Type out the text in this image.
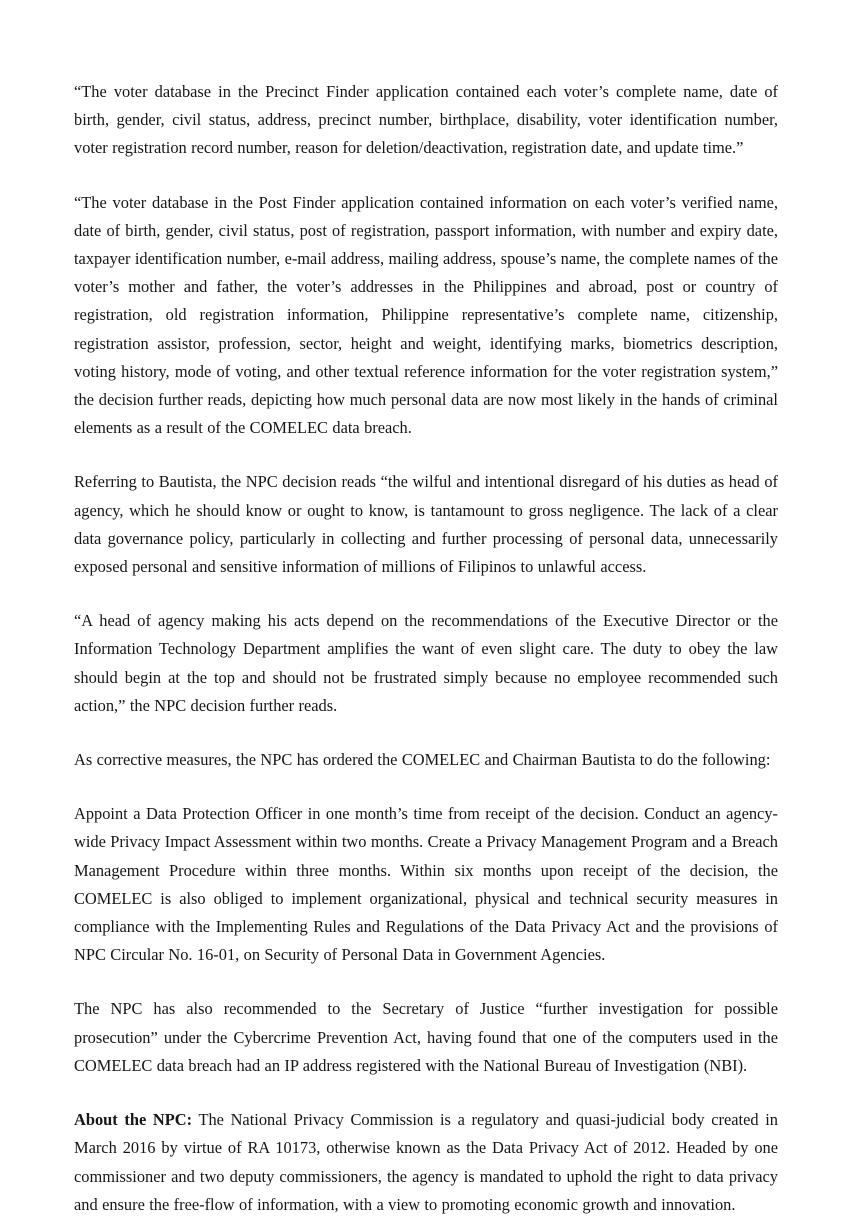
“The voter database in the Precinct Finder application contained each voter’s complete name, date of birth, gender, civil status, address, precinct number, birthplace, disability, voter identification number, voter registration record number, reason for deletion/deactivation, registration date, and update time.”

“The voter database in the Post Finder application contained information on each voter’s verified name, date of birth, gender, civil status, post of registration, passport information, with number and expiry date, taxpayer identification number, e-mail address, mailing address, spouse’s name, the complete names of the voter’s mother and father, the voter’s addresses in the Philippines and abroad, post or country of registration, old registration information, Philippine representative’s complete name, citizenship, registration assistor, profession, sector, height and weight, identifying marks, biometrics description, voting history, mode of voting, and other textual reference information for the voter registration system,” the decision further reads, depicting how much personal data are now most likely in the hands of criminal elements as a result of the COMELEC data breach.

Referring to Bautista, the NPC decision reads “the wilful and intentional disregard of his duties as head of agency, which he should know or ought to know, is tantamount to gross negligence. The lack of a clear data governance policy, particularly in collecting and further processing of personal data, unnecessarily exposed personal and sensitive information of millions of Filipinos to unlawful access.

“A head of agency making his acts depend on the recommendations of the Executive Director or the Information Technology Department amplifies the want of even slight care. The duty to obey the law should begin at the top and should not be frustrated simply because no employee recommended such action,” the NPC decision further reads.

As corrective measures, the NPC has ordered the COMELEC and Chairman Bautista to do the following:

Appoint a Data Protection Officer in one month’s time from receipt of the decision. Conduct an agency-wide Privacy Impact Assessment within two months. Create a Privacy Management Program and a Breach Management Procedure within three months. Within six months upon receipt of the decision, the COMELEC is also obliged to implement organizational, physical and technical security measures in compliance with the Implementing Rules and Regulations of the Data Privacy Act and the provisions of NPC Circular No. 16-01, on Security of Personal Data in Government Agencies.

The NPC has also recommended to the Secretary of Justice “further investigation for possible prosecution” under the Cybercrime Prevention Act, having found that one of the computers used in the COMELEC data breach had an IP address registered with the National Bureau of Investigation (NBI).

About the NPC: The National Privacy Commission is a regulatory and quasi-judicial body created in March 2016 by virtue of RA 10173, otherwise known as the Data Privacy Act of 2012. Headed by one commissioner and two deputy commissioners, the agency is mandated to uphold the right to data privacy and ensure the free-flow of information, with a view to promoting economic growth and innovation.
